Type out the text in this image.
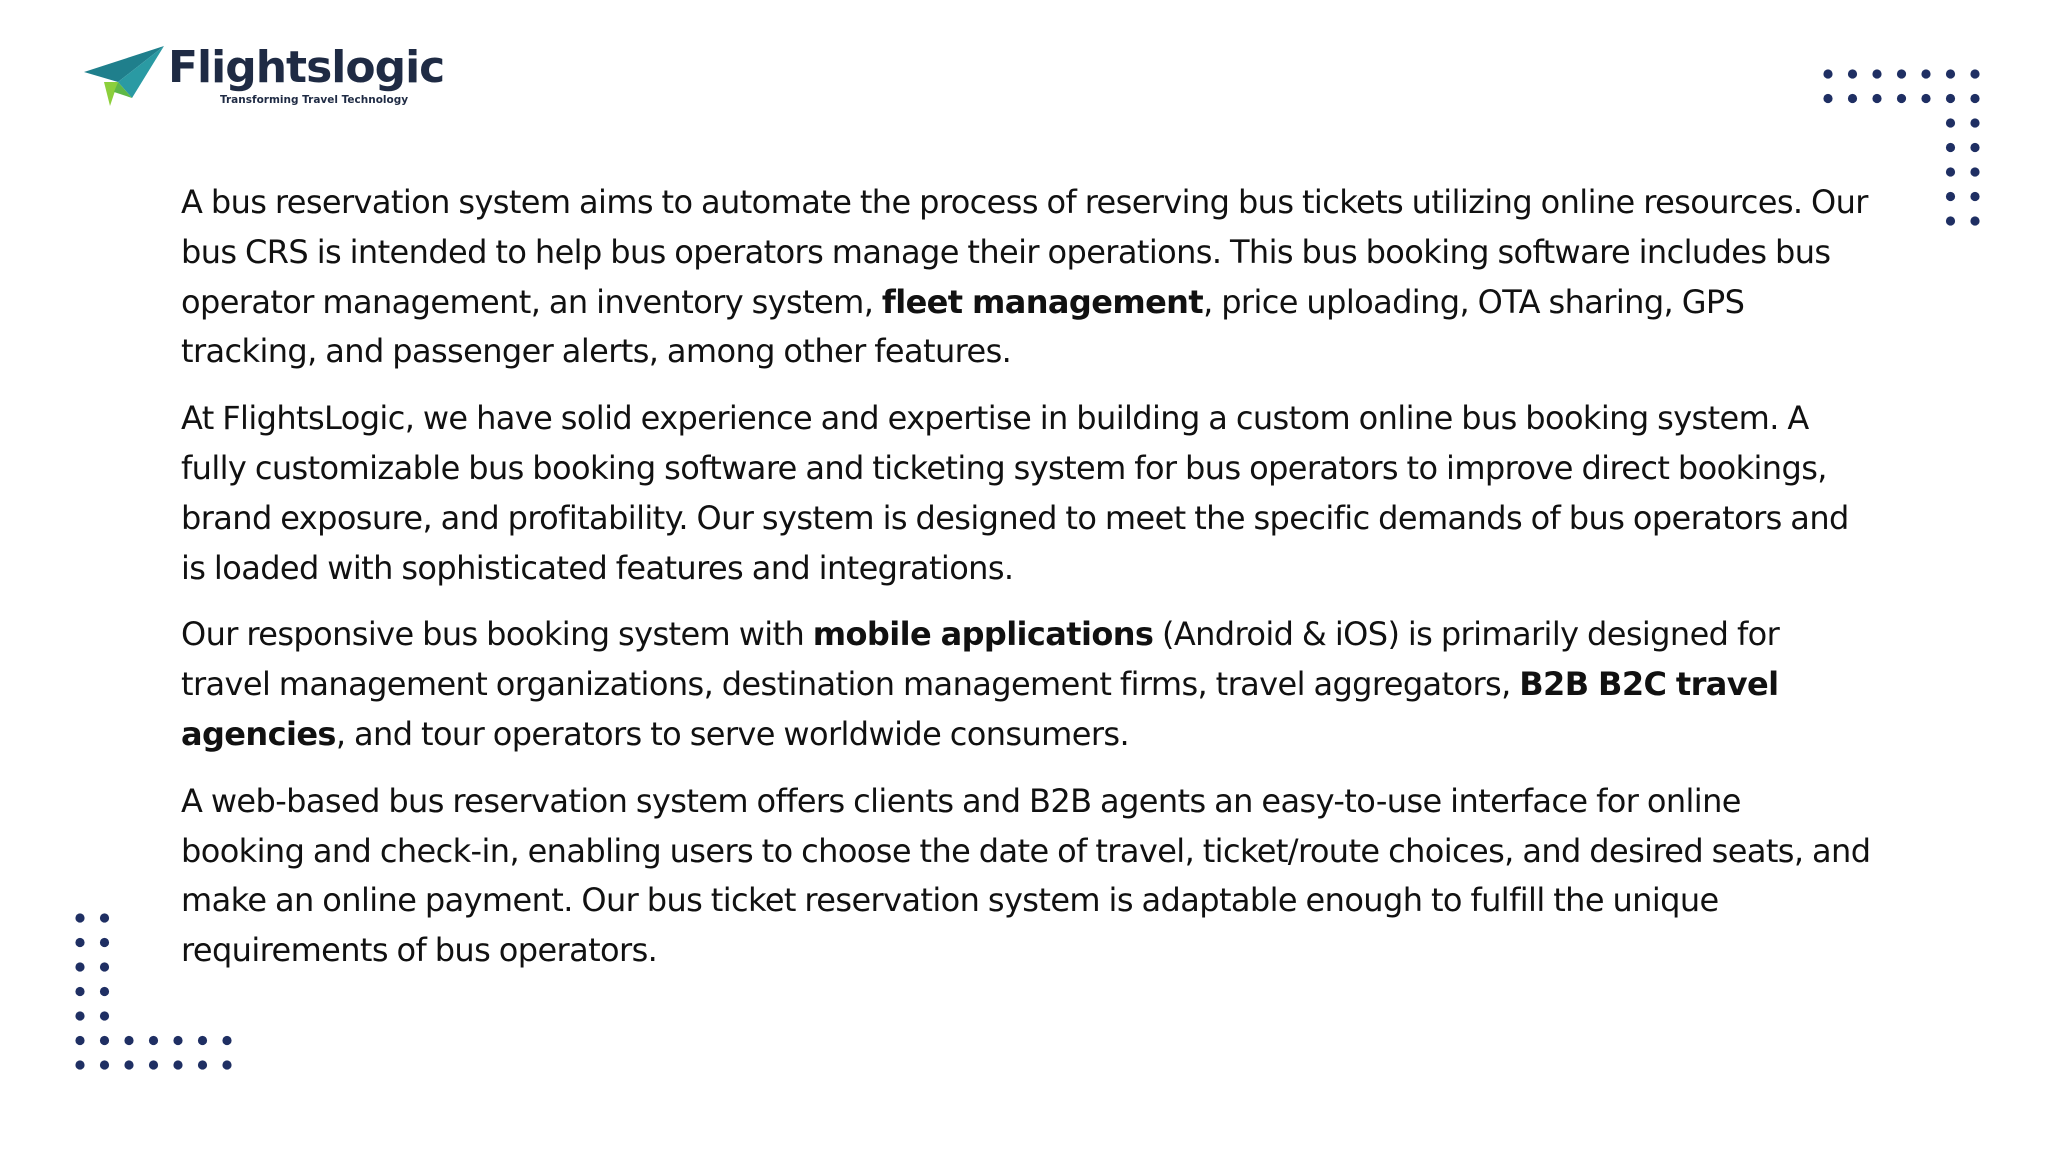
Flightslogic
Transforming Travel Technology

A bus reservation system aims to automate the process of reserving bus tickets utilizing online resources. Our bus CRS is intended to help bus operators manage their operations. This bus booking software includes bus operator management, an inventory system, fleet management, price uploading, OTA sharing, GPS tracking, and passenger alerts, among other features.

At FlightsLogic, we have solid experience and expertise in building a custom online bus booking system. A fully customizable bus booking software and ticketing system for bus operators to improve direct bookings, brand exposure, and profitability. Our system is designed to meet the specific demands of bus operators and is loaded with sophisticated features and integrations.

Our responsive bus booking system with mobile applications (Android & iOS) is primarily designed for travel management organizations, destination management firms, travel aggregators, B2B B2C travel agencies, and tour operators to serve worldwide consumers.

A web-based bus reservation system offers clients and B2B agents an easy-to-use interface for online booking and check-in, enabling users to choose the date of travel, ticket/route choices, and desired seats, and make an online payment. Our bus ticket reservation system is adaptable enough to fulfill the unique requirements of bus operators.
